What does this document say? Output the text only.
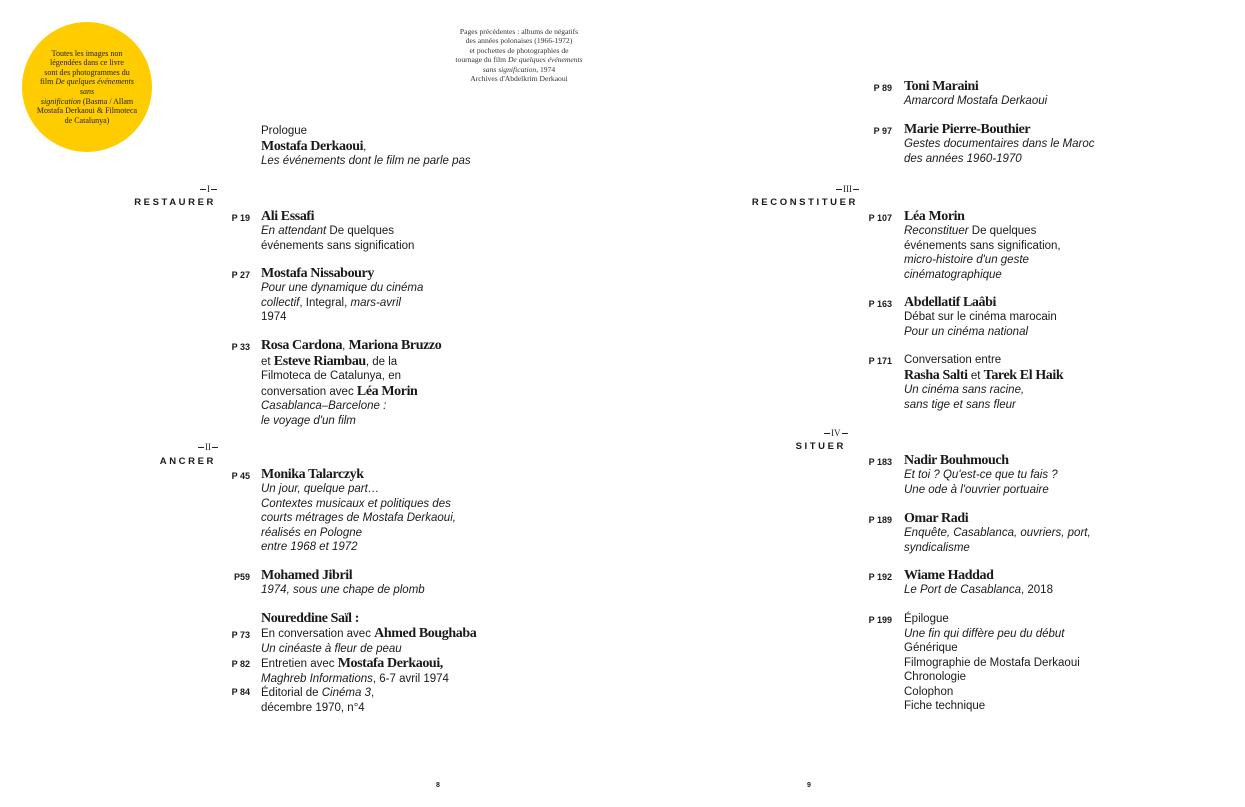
Toutes les images non
légendées dans ce livre
sont des photogrammes du
film De quelques événements sans
signification (Basma / Allam
Mostafa Derkaoui & Filmoteca
de Catalunya)
Pages précédentes : albums de négatifs
des années polonaises (1966-1972)
et pochettes de photographies de
tournage du film De quelques événements
sans signification, 1974
Archives d'Abdelkrim Derkaoui
Prologue
Mostafa Derkaoui,
Les événements dont le film ne parle pas
I
RESTAURER
P 19 Ali Essafi
En attendant De quelques
événements sans signification
P 27 Mostafa Nissaboury
Pour une dynamique du cinéma
collectif, Integral, mars-avril
1974
P 33 Rosa Cardona, Mariona Bruzzo
et Esteve Riambau, de la
Filmoteca de Catalunya, en
conversation avec Léa Morin
Casablanca–Barcelone :
le voyage d'un film
II
ANCRER
P 45 Monika Talarczyk
Un jour, quelque part…
Contextes musicaux et politiques des
courts métrages de Mostafa Derkaoui,
réalisés en Pologne
entre 1968 et 1972
P59 Mohamed Jibril
1974, sous une chape de plomb
Noureddine Saïl :
En conversation avec Ahmed Boughaba
Un cinéaste à fleur de peau
Entretien avec Mostafa Derkaoui,
Maghreb Informations, 6-7 avril 1974
Éditorial de Cinéma 3,
décembre 1970, n°4
P 73
P 82
P 84
8
P 89 Toni Maraini
Amarcord Mostafa Derkaoui
P 97 Marie Pierre-Bouthier
Gestes documentaires dans le Maroc
des années 1960-1970
III
RECONSTITUER
P 107 Léa Morin
Reconstituer De quelques
événements sans signification,
micro-histoire d'un geste
cinématographique
P 163 Abdellatif Laâbi
Débat sur le cinéma marocain
Pour un cinéma national
P 171 Conversation entre
Rasha Salti et Tarek El Haik
Un cinéma sans racine,
sans tige et sans fleur
IV
SITUER
P 183 Nadir Bouhmouch
Et toi ? Qu'est-ce que tu fais ?
Une ode à l'ouvrier portuaire
P 189 Omar Radi
Enquête, Casablanca, ouvriers, port,
syndicalisme
P 192 Wiame Haddad
Le Port de Casablanca, 2018
P 199 Épilogue
Une fin qui diffère peu du début
Générique
Filmographie de Mostafa Derkaoui
Chronologie
Colophon
Fiche technique
9
